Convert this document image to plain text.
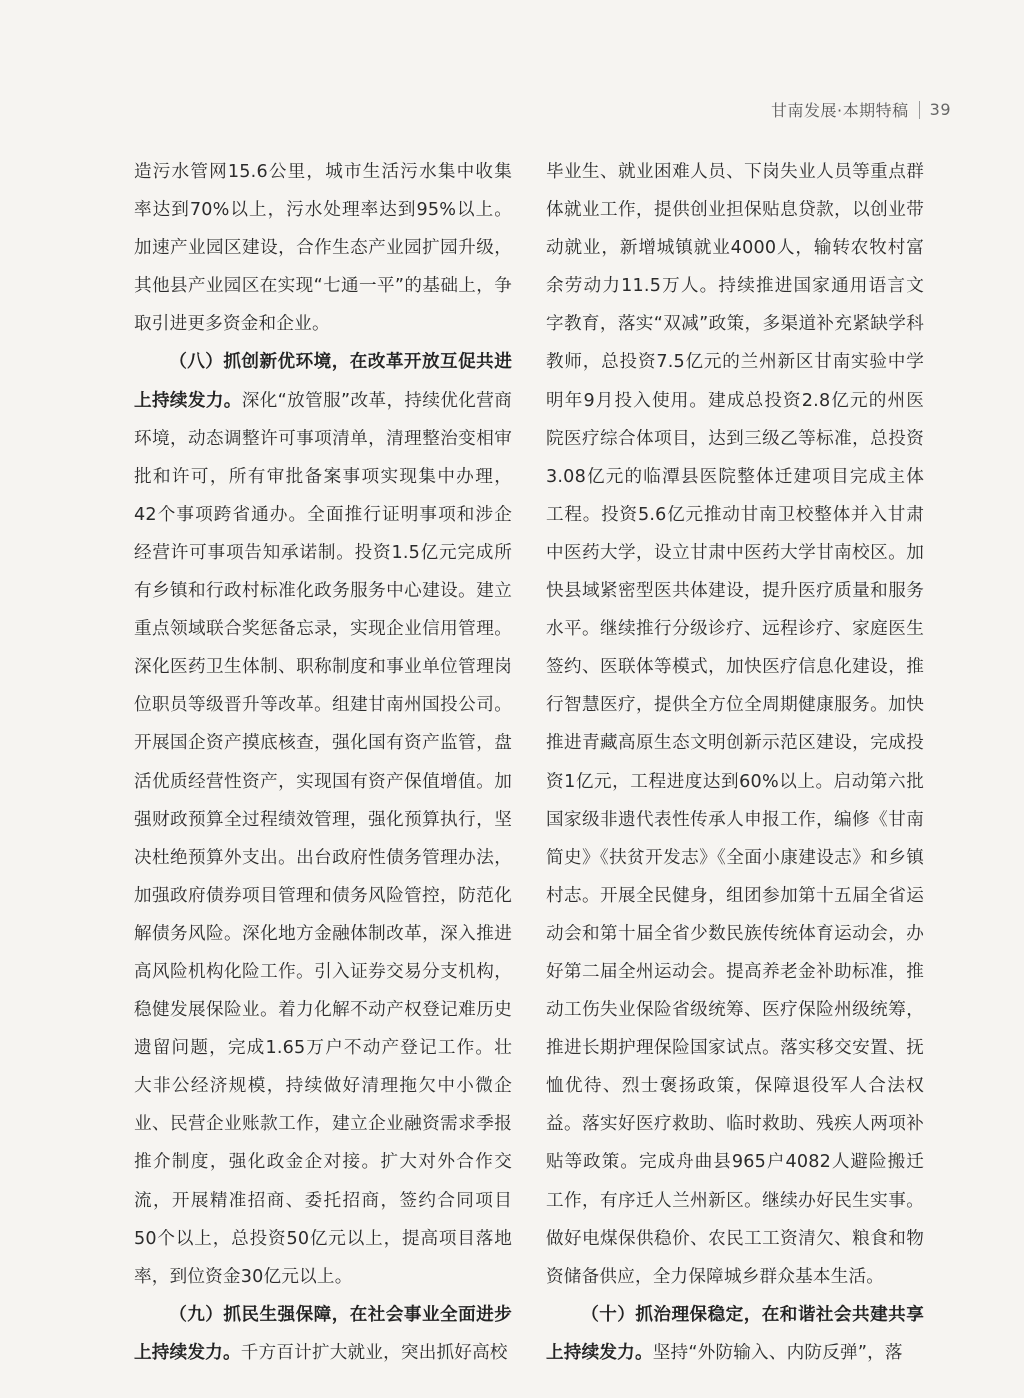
甘南发展·本期特稿 39

造污水管网15.6公里，城市生活污水集中收集率达到70%以上，污水处理率达到95%以上。加速产业园区建设，合作生态产业园扩园升级，其他县产业园区在实现“七通一平”的基础上，争取引进更多资金和企业。

（八）抓创新优环境，在改革开放互促共进上持续发力。深化“放管服”改革，持续优化营商环境，动态调整许可事项清单，清理整治变相审批和许可，所有审批备案事项实现集中办理，42个事项跨省通办。全面推行证明事项和涉企经营许可事项告知承诺制。投资1.5亿元完成所有乡镇和行政村标准化政务服务中心建设。建立重点领域联合奖惩备忘录，实现企业信用管理。深化医药卫生体制、职称制度和事业单位管理岗位职员等级晋升等改革。组建甘南州国投公司。开展国企资产摸底核查，强化国有资产监管，盘活优质经营性资产，实现国有资产保值增值。加强财政预算全过程绩效管理，强化预算执行，坚决杜绝预算外支出。出台政府性债务管理办法，加强政府债券项目管理和债务风险管控，防范化解债务风险。深化地方金融体制改革，深入推进高风险机构化险工作。引入证券交易分支机构，稳健发展保险业。着力化解不动产权登记难历史遗留问题，完成1.65万户不动产登记工作。壮大非公经济规模，持续做好清理拖欠中小微企业、民营企业账款工作，建立企业融资需求季报推介制度，强化政金企对接。扩大对外合作交流，开展精准招商、委托招商，签约合同项目50个以上，总投资50亿元以上，提高项目落地率，到位资金30亿元以上。

（九）抓民生强保障，在社会事业全面进步上持续发力。千方百计扩大就业，突出抓好高校

毕业生、就业困难人员、下岗失业人员等重点群体就业工作，提供创业担保贴息贷款，以创业带动就业，新增城镇就业4000人，输转农牧村富余劳动力11.5万人。持续推进国家通用语言文字教育，落实“双减”政策，多渠道补充紧缺学科教师，总投资7.5亿元的兰州新区甘南实验中学明年9月投入使用。建成总投资2.8亿元的州医院医疗综合体项目，达到三级乙等标准，总投资3.08亿元的临潭县医院整体迁建项目完成主体工程。投资5.6亿元推动甘南卫校整体并入甘肃中医药大学，设立甘肃中医药大学甘南校区。加快县域紧密型医共体建设，提升医疗质量和服务水平。继续推行分级诊疗、远程诊疗、家庭医生签约、医联体等模式，加快医疗信息化建设，推行智慧医疗，提供全方位全周期健康服务。加快推进青藏高原生态文明创新示范区建设，完成投资1亿元，工程进度达到60%以上。启动第六批国家级非遗代表性传承人申报工作，编修《甘南简史》《扶贫开发志》《全面小康建设志》和乡镇村志。开展全民健身，组团参加第十五届全省运动会和第十届全省少数民族传统体育运动会，办好第二届全州运动会。提高养老金补助标准，推动工伤失业保险省级统筹、医疗保险州级统筹，推进长期护理保险国家试点。落实移交安置、抚恤优待、烈士褒扬政策，保障退役军人合法权益。落实好医疗救助、临时救助、残疾人两项补贴等政策。完成舟曲县965户4082人避险搬迁工作，有序迁人兰州新区。继续办好民生实事。做好电煤保供稳价、农民工工资清欠、粮食和物资储备供应，全力保障城乡群众基本生活。

（十）抓治理保稳定，在和谐社会共建共享上持续发力。坚持“外防输入、内防反弹”，落
